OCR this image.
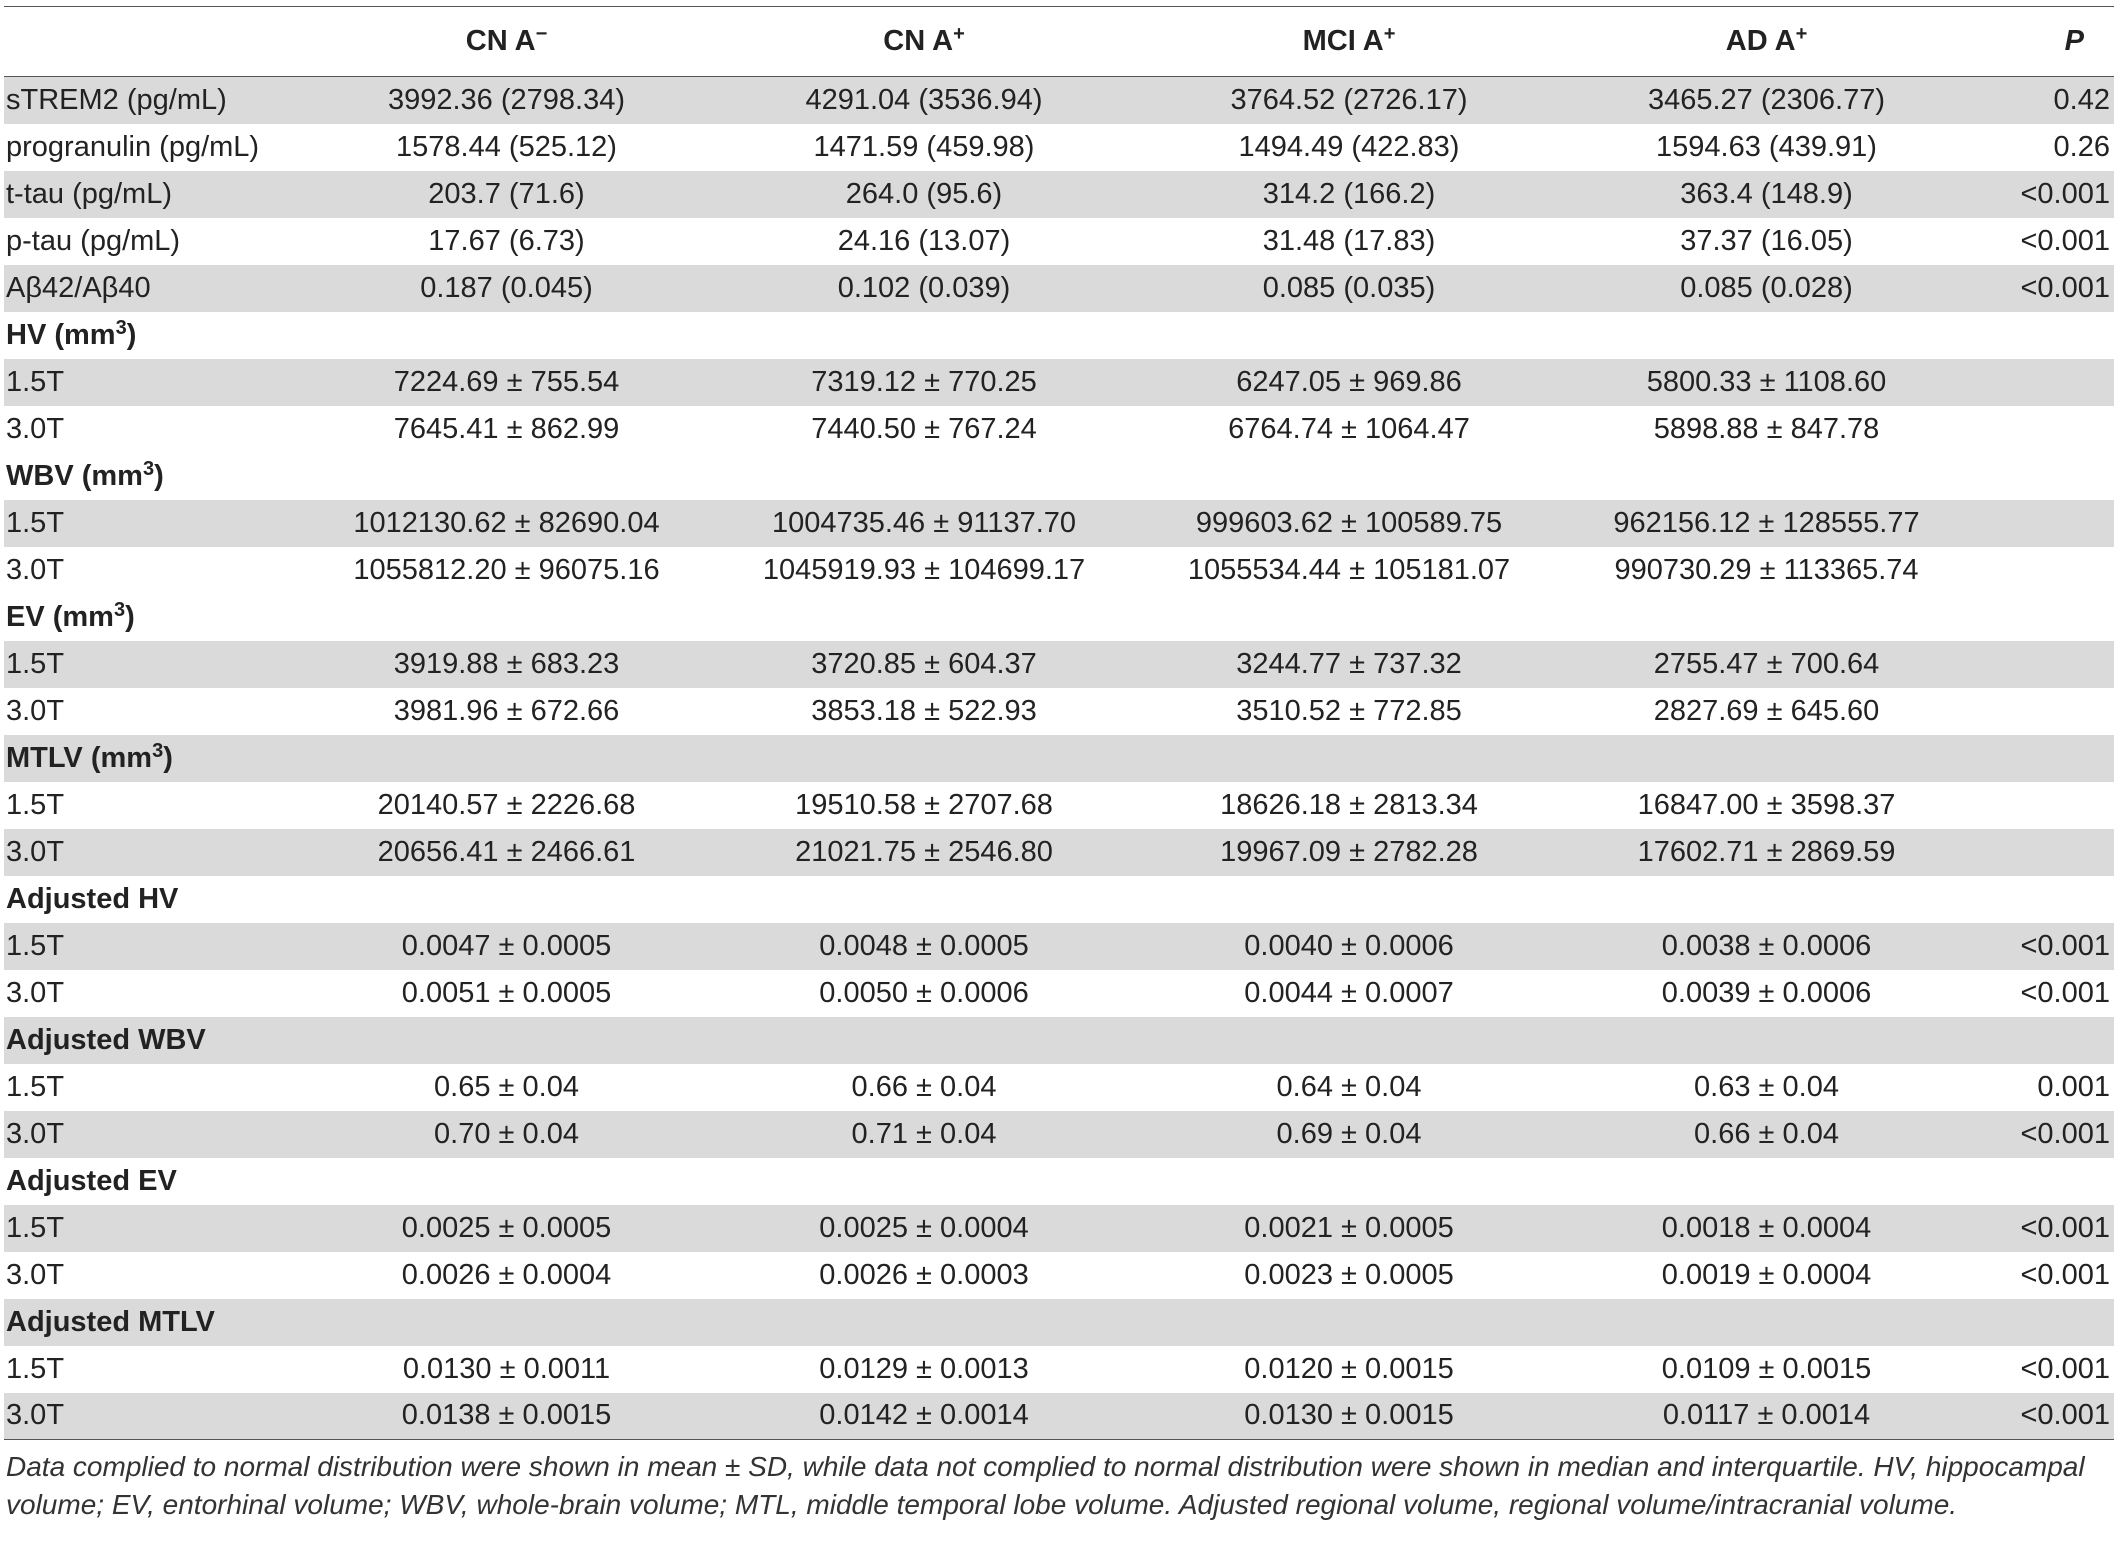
	CN A−	CN A+	MCI A+	AD A+	P
sTREM2 (pg/mL)	3992.36 (2798.34)	4291.04 (3536.94)	3764.52 (2726.17)	3465.27 (2306.77)	0.42
progranulin (pg/mL)	1578.44 (525.12)	1471.59 (459.98)	1494.49 (422.83)	1594.63 (439.91)	0.26
t-tau (pg/mL)	203.7 (71.6)	264.0 (95.6)	314.2 (166.2)	363.4 (148.9)	<0.001
p-tau (pg/mL)	17.67 (6.73)	24.16 (13.07)	31.48 (17.83)	37.37 (16.05)	<0.001
Aβ42/Aβ40	0.187 (0.045)	0.102 (0.039)	0.085 (0.035)	0.085 (0.028)	<0.001
HV $(mm^3)$					
1.5T	7224.69 ± 755.54	7319.12 ± 770.25	6247.05 ± 969.86	5800.33 ± 1108.60	
3.0T	7645.41 ± 862.99	7440.50 ± 767.24	6764.74 ± 1064.47	5898.88 ± 847.78	
WBV $(mm^3)$					
1.5T	1012130.62 ± 82690.04	1004735.46 ± 91137.70	999603.62 ± 100589.75	962156.12 ± 128555.77	
3.0T	1055812.20 ± 96075.16	1045919.93 ± 104699.17	1055534.44 ± 105181.07	990730.29 ± 113365.74	
EV $(mm^3)$					
1.5T	3919.88 ± 683.23	3720.85 ± 604.37	3244.77 ± 737.32	2755.47 ± 700.64	
3.0T	3981.96 ± 672.66	3853.18 ± 522.93	3510.52 ± 772.85	2827.69 ± 645.60	
MTLV $(mm^3)$					
1.5T	20140.57 ± 2226.68	19510.58 ± 2707.68	18626.18 ± 2813.34	16847.00 ± 3598.37	
3.0T	20656.41 ± 2466.61	21021.75 ± 2546.80	19967.09 ± 2782.28	17602.71 ± 2869.59	
Adjusted HV					
1.5T	0.0047 ± 0.0005	0.0048 ± 0.0005	0.0040 ± 0.0006	0.0038 ± 0.0006	<0.001
3.0T	0.0051 ± 0.0005	0.0050 ± 0.0006	0.0044 ± 0.0007	0.0039 ± 0.0006	<0.001
Adjusted WBV					
1.5T	0.65 ± 0.04	0.66 ± 0.04	0.64 ± 0.04	0.63 ± 0.04	0.001
3.0T	0.70 ± 0.04	0.71 ± 0.04	0.69 ± 0.04	0.66 ± 0.04	<0.001
Adjusted EV					
1.5T	0.0025 ± 0.0005	0.0025 ± 0.0004	0.0021 ± 0.0005	0.0018 ± 0.0004	<0.001
3.0T	0.0026 ± 0.0004	0.0026 ± 0.0003	0.0023 ± 0.0005	0.0019 ± 0.0004	<0.001
Adjusted MTLV					
1.5T	0.0130 ± 0.0011	0.0129 ± 0.0013	0.0120 ± 0.0015	0.0109 ± 0.0015	<0.001
3.0T	0.0138 ± 0.0015	0.0142 ± 0.0014	0.0130 ± 0.0015	0.0117 ± 0.0014	<0.001
Data complied to normal distribution were shown in mean ± SD, while data not complied to normal distribution were shown in median and interquartile. HV, hippocampal volume; EV, entorhinal volume; WBV, whole-brain volume; MTL, middle temporal lobe volume. Adjusted regional volume, regional volume/intracranial volume.
